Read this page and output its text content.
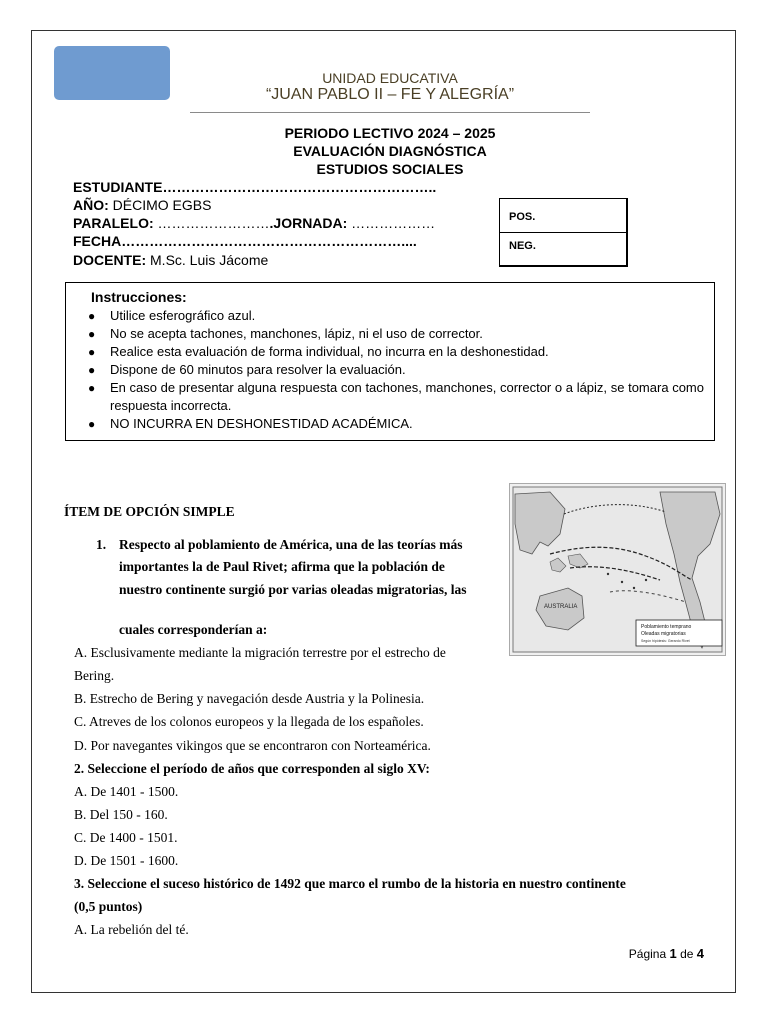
UNIDAD EDUCATIVA
“JUAN PABLO II – FE Y ALEGRÍA”
PERIODO LECTIVO 2024 – 2025
EVALUACIÓN DIAGNÓSTICA
ESTUDIOS SOCIALES
ESTUDIANTE…………………………………………………..
AÑO: DÉCIMO EGBS
PARALELO: …………………….JORNADA: ………………
FECHA……………………………………………………....
DOCENTE: M.Sc. Luis Jácome
POS.
NEG.
Instrucciones:
● Utilice esferográfico azul.
● No se acepta tachones, manchones, lápiz, ni el uso de corrector.
● Realice esta evaluación de forma individual, no incurra en la deshonestidad.
● Dispone de 60 minutos para resolver la evaluación.
● En caso de presentar alguna respuesta con tachones, manchones, corrector o a lápiz, se tomara como respuesta incorrecta.
● NO INCURRA EN DESHONESTIDAD ACADÉMICA.
ÍTEM DE OPCIÓN SIMPLE
1. Respecto al poblamiento de América, una de las teorías más
importantes la de Paul Rivet; afirma que la población de
nuestro continente surgió por varias oleadas migratorias, las
cuales corresponderían a:
A. Esclusivamente mediante la migración terrestre por el estrecho de
Bering.
B. Estrecho de Bering y navegación desde Austria y la Polinesia.
C. Atreves de los colonos europeos y la llegada de los españoles.
D. Por navegantes vikingos que se encontraron con Norteamérica.
2. Seleccione el período de años que corresponden al siglo XV:
A. De 1401 - 1500.
B. Del 150 - 160.
C. De 1400 - 1501.
D. De 1501 - 1600.
3. Seleccione el suceso histórico de 1492 que marco el rumbo de la historia en nuestro continente
(0,5 puntos)
A. La rebelión del té.
AUSTRALIA
Poblamiento temprano
Oleadas migratorias
Según hipótesis: Gerardo Rivet
Página 1 de 4
